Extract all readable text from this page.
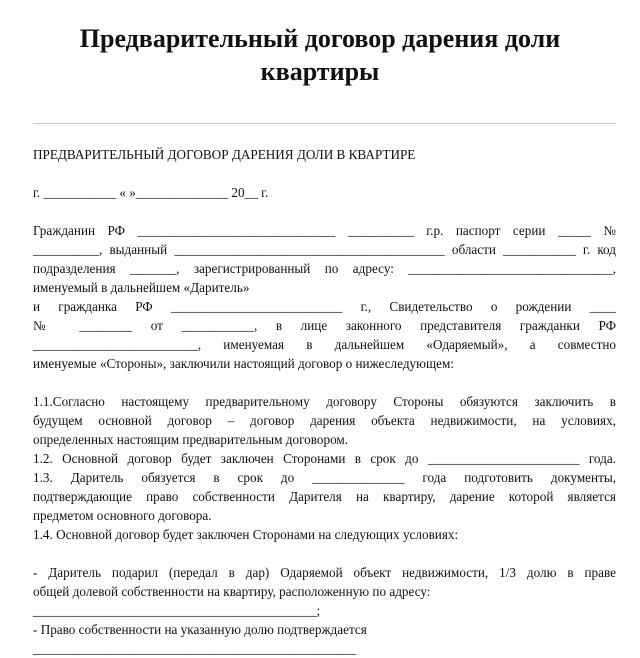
Предварительный договор дарения доли
квартиры
ПРЕДВАРИТЕЛЬНЫЙ ДОГОВОР ДАРЕНИЯ ДОЛИ В КВАРТИРЕ
г. ___________ « »______________ 20__ г.
Гражданин РФ ______________________________ __________ г.р. паспорт серии _____ №
__________, выданный _________________________________________ области ___________ г. код
подразделения _______, зарегистрированный по адресу: _______________________________,
именуемый в дальнейшем «Даритель»
и гражданка РФ __________________________ г., Свидетельство о рождении ____
№ ________ от ___________, в лице законного представителя гражданки РФ
_________________________, именуемая в дальнейшем «Одаряемый», а совместно
именуемые «Стороны», заключили настоящий договор о нижеследующем:
1.1.Согласно настоящему предварительному договору Стороны обязуются заключить в
будущем основной договор – договор дарения объекта недвижимости, на условиях,
определенных настоящим предварительным договором.
1.2. Основной договор будет заключен Сторонами в срок до _______________________ года.
1.3. Даритель обязуется в срок до ______________ года подготовить документы,
подтверждающие право собственности Дарителя на квартиру, дарение которой является
предметом основного договора.
1.4. Основной договор будет заключен Сторонами на следующих условиях:
- Даритель подарил (передал в дар) Одаряемой объект недвижимости, 1/3 долю в праве
общей долевой собственности на квартиру, расположенную по адресу:
___________________________________________;
- Право собственности на указанную долю подтверждается
_________________________________________________
